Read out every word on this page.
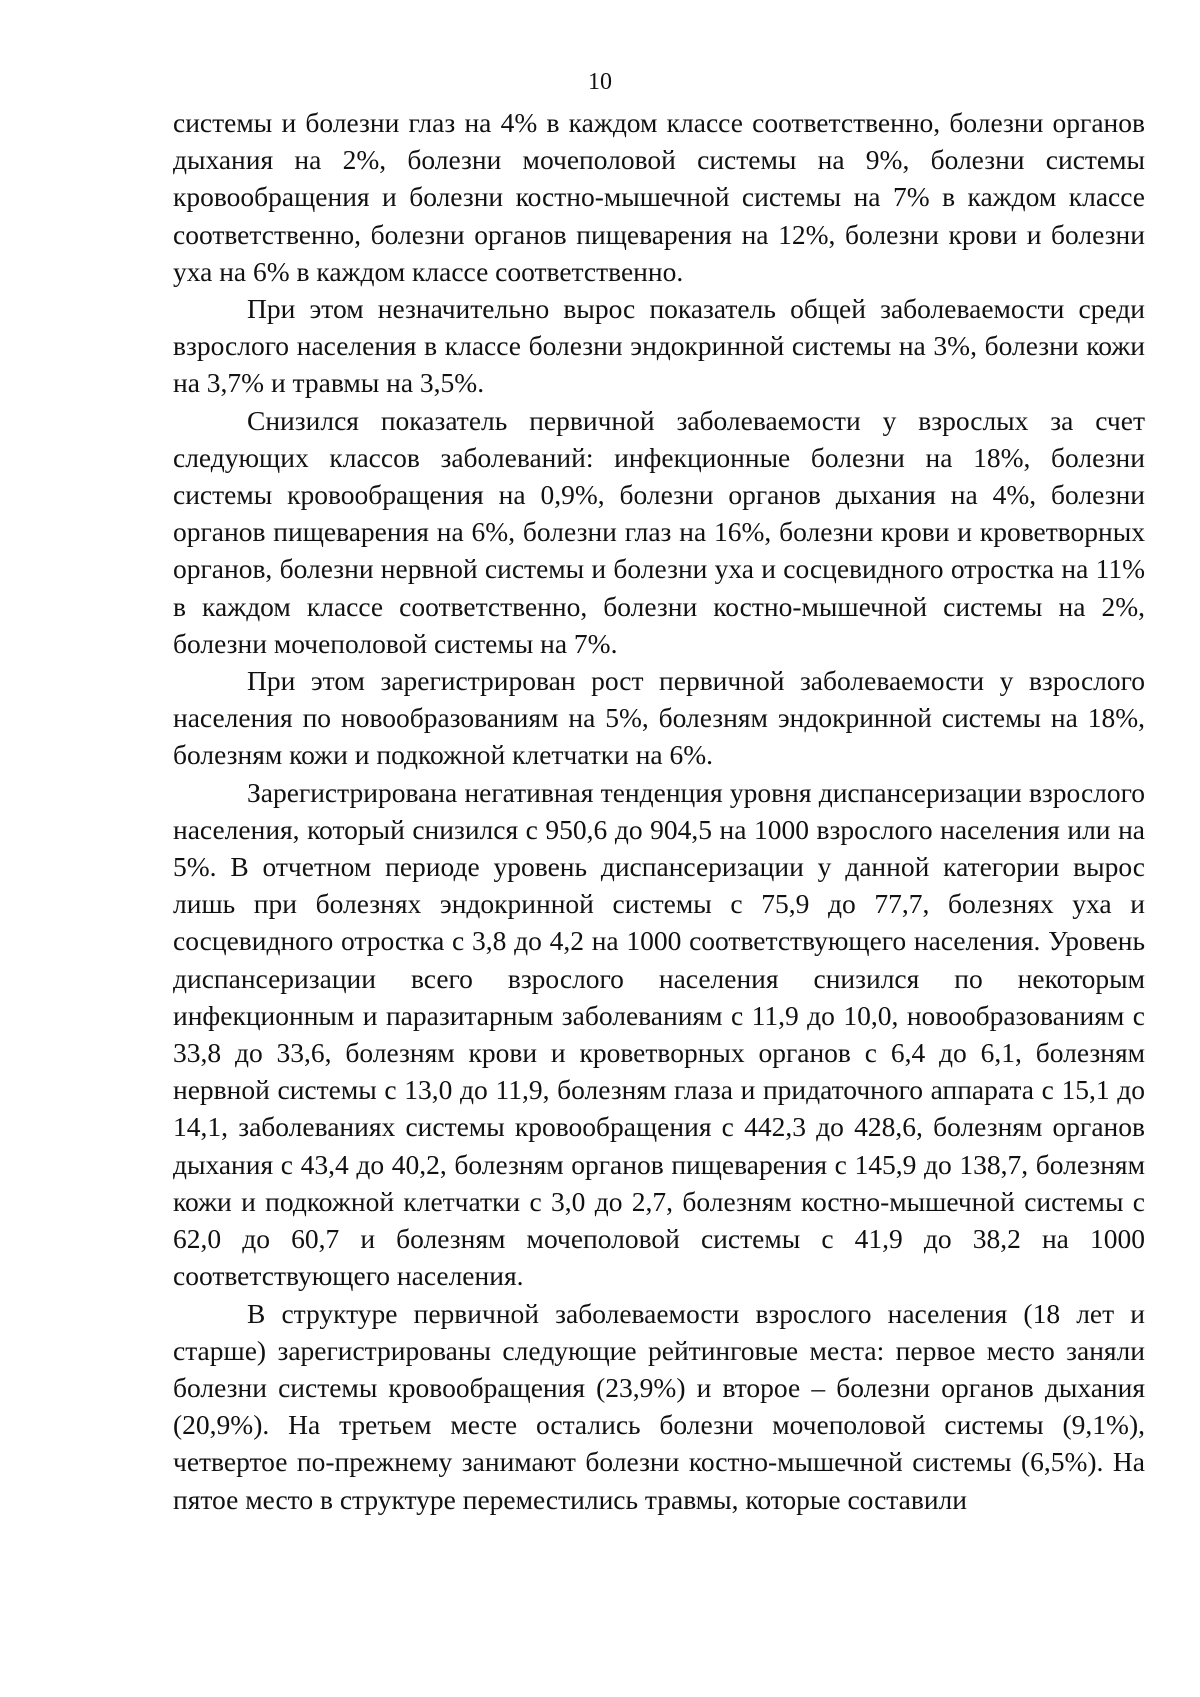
10

системы и болезни глаз на 4% в каждом классе соответственно, болезни органов дыхания на 2%, болезни мочеполовой системы на 9%, болезни системы кровообращения и болезни костно-мышечной системы на 7% в каждом классе соответственно, болезни органов пищеварения на 12%, болезни крови и болезни уха на 6% в каждом классе соответственно.

При этом незначительно вырос показатель общей заболеваемости среди взрослого населения в классе болезни эндокринной системы на 3%, болезни кожи на 3,7% и травмы на 3,5%.

Снизился показатель первичной заболеваемости у взрослых за счет следующих классов заболеваний: инфекционные болезни на 18%, болезни системы кровообращения на 0,9%, болезни органов дыхания на 4%, болезни органов пищеварения на 6%, болезни глаз на 16%, болезни крови и кроветворных органов, болезни нервной системы и болезни уха и сосцевидного отростка на 11% в каждом классе соответственно, болезни костно-мышечной системы на 2%, болезни мочеполовой системы на 7%.

При этом зарегистрирован рост первичной заболеваемости у взрослого населения по новообразованиям на 5%, болезням эндокринной системы на 18%, болезням кожи и подкожной клетчатки на 6%.

Зарегистрирована негативная тенденция уровня диспансеризации взрослого населения, который снизился с 950,6 до 904,5 на 1000 взрослого населения или на 5%. В отчетном периоде уровень диспансеризации у данной категории вырос лишь при болезнях эндокринной системы с 75,9 до 77,7, болезнях уха и сосцевидного отростка с 3,8 до 4,2 на 1000 соответствующего населения. Уровень диспансеризации всего взрослого населения снизился по некоторым инфекционным и паразитарным заболеваниям с 11,9 до 10,0, новообразованиям с 33,8 до 33,6, болезням крови и кроветворных органов с 6,4 до 6,1, болезням нервной системы с 13,0 до 11,9, болезням глаза и придаточного аппарата с 15,1 до 14,1, заболеваниях системы кровообращения с 442,3 до 428,6, болезням органов дыхания с 43,4 до 40,2, болезням органов пищеварения с 145,9 до 138,7, болезням кожи и подкожной клетчатки с 3,0 до 2,7, болезням костно-мышечной системы с 62,0 до 60,7 и болезням мочеполовой системы с 41,9 до 38,2 на 1000 соответствующего населения.

В структуре первичной заболеваемости взрослого населения (18 лет и старше) зарегистрированы следующие рейтинговые места: первое место заняли болезни системы кровообращения (23,9%) и второе – болезни органов дыхания (20,9%). На третьем месте остались болезни мочеполовой системы (9,1%), четвертое по-прежнему занимают болезни костно-мышечной системы (6,5%). На пятое место в структуре переместились травмы, которые составили
